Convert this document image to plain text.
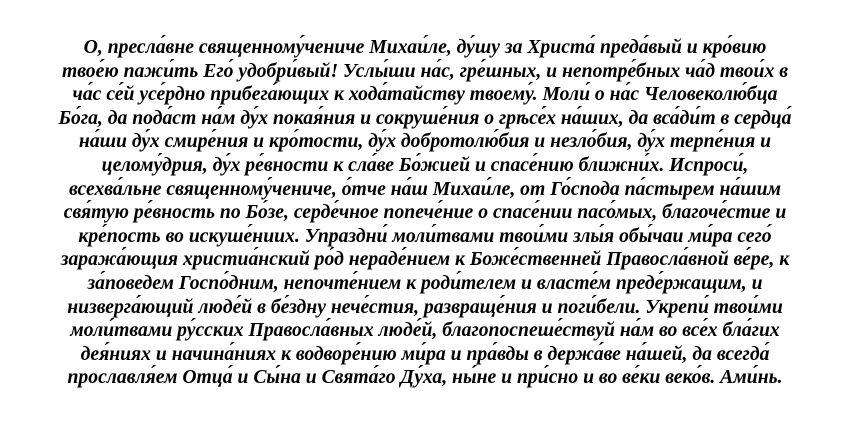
О, пресла́вне священному́чениче Михаи́ле, ду́шу за Христа́ преда́вый и кро́вию
твое́ю пажи́ть Его́ удобри́вый! Услы́ши на́с, гре́шных, и непотре́бных ча́д твои́х в
ча́с се́й усе́рдно прибега́ющих к хода́тайству твоему́. Моли́ о на́с Человеколю́бца
Бо́га, да пода́ст на́м ду́х покая́ния и сокруше́ния о грѣсе́х на́ших, да вса́ди́т в сердца́
на́ши ду́х смире́ния и кро́тости, ду́х добротолю́бия и незло́бия, ду́х терпе́ния и
целому́дрия, ду́х ре́вности к сла́ве Бо́жией и спасе́нию ближни́х. Испроси́,
всехва́льне священному́чениче, о́тче на́ш Михаи́ле, от Го́спода па́стырем на́шим
свя́тую ре́вность по Бо́зе, серде́чное попече́ние о спасе́нии пасо́мых, благоче́стие и
кре́пость во искуше́ниих. Упраздни́ моли́твами твои́ми злы́я обы́чаи ми́ра сего́
заража́ющия христиа́нский ро́д нераде́нием к Боже́ственней Правосла́вной ве́ре, к
за́поведем Госпо́дним, непочте́нием к роди́телем и власте́м преде́ржащим, и
низверга́ющий люде́й в бе́здну нече́стия, развраще́ния и поги́бели. Укрепи́ твои́ми
моли́твами ру́сских Правосла́вных люде́й, благопоспеше́ствуй на́м во все́х бла́гих
дея́ниях и начина́ниях к водворе́нию ми́ра и пра́вды в держа́ве на́шей, да всегда́
прославля́ем Отца́ и Сы́на и Свята́го Ду́ха, ны́не и при́сно и во ве́ки веко́в. Ами́нь.
